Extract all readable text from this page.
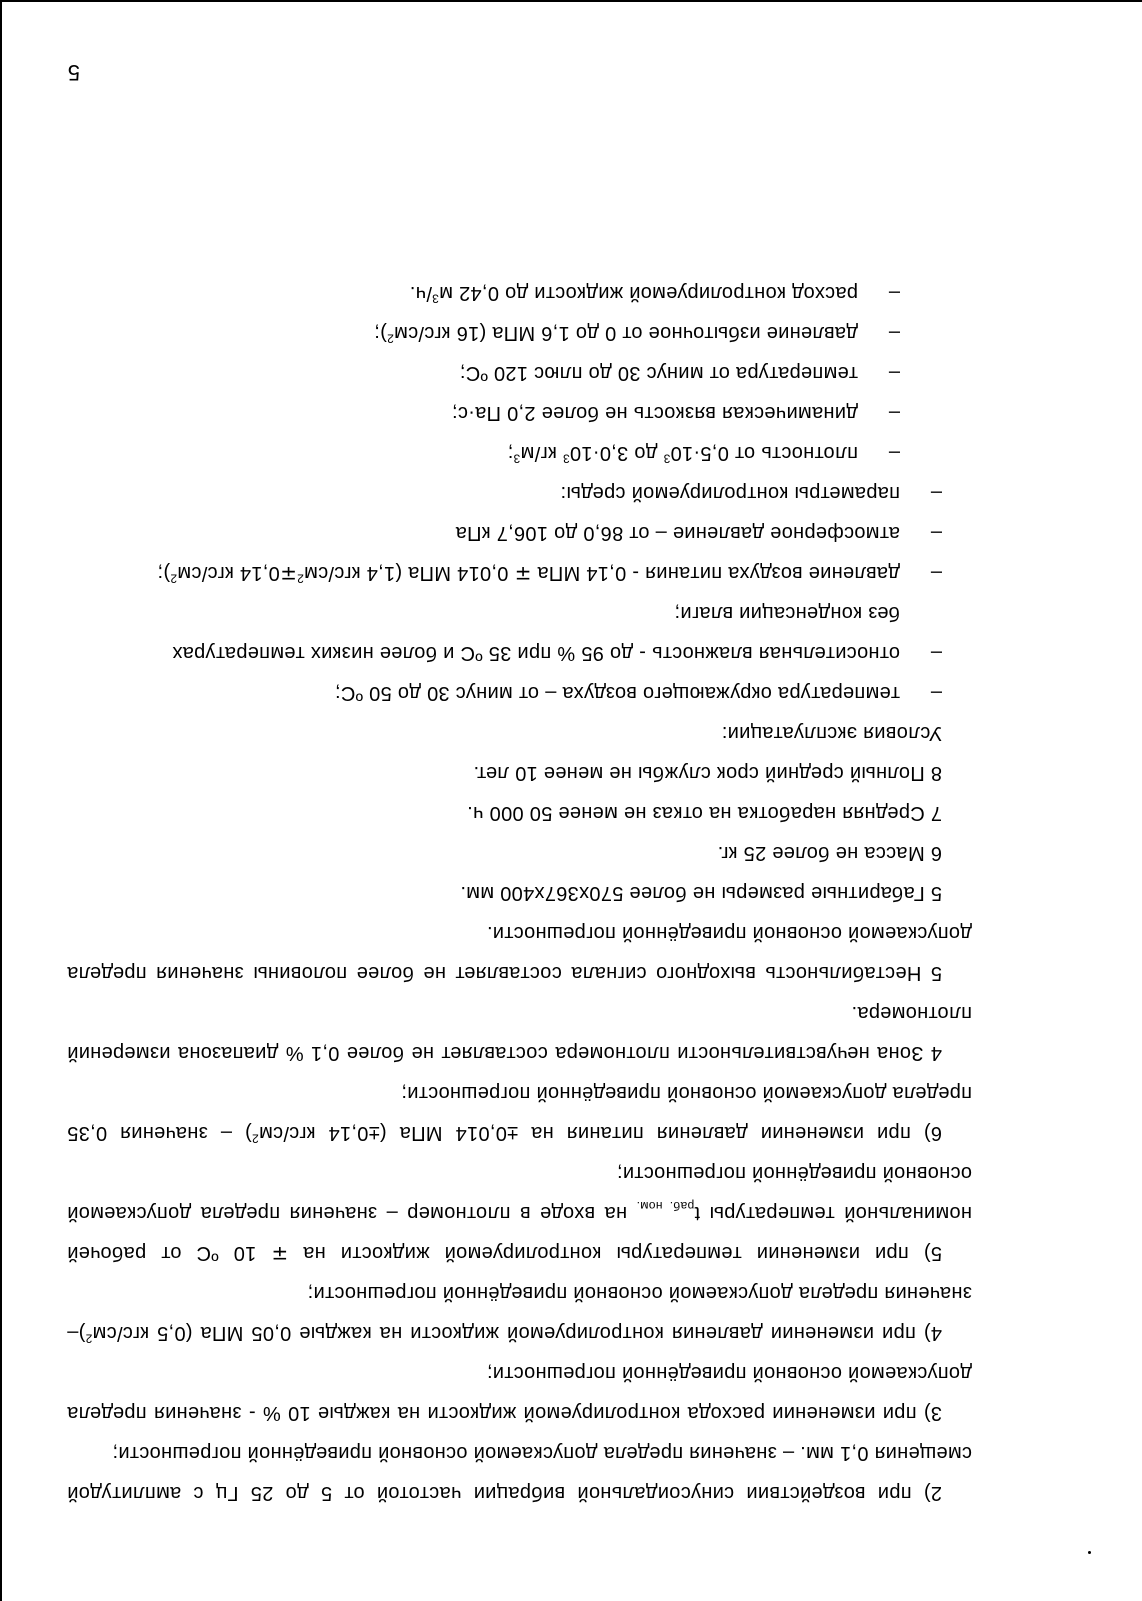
5

2) при воздействии синусоидальной вибрации частотой от 5 до 25 Гц с амплитудой смещения 0,1 мм. – значения предела допускаемой основной приведённой погрешности;

3) при изменении расхода контролируемой жидкости на каждые 10 % - значения предела допускаемой основной приведённой погрешности;

4) при изменении давления контролируемой жидкости на каждые 0,05 МПа (0,5 кгс/$см^2)-$ значения предела допускаемой основной приведённой погрешности;

5) при изменении температуры контролируемой жидкости на ∓ 10 ºС от рабочей номинальной температуры $t_{раб. ном.}$ на входе в плотномер – значения предела допускаемой основной приведённой погрешности;

6) при изменении давления питания на ±0,014 МПа (±0,14 кгс/$см^2$) – значения 0,35 предела допускаемой основной приведённой погрешности;

4 Зона нечувствительности плотномера составляет не более 0,1 % диапазона измерений плотномера.

5 Нестабильность выходного сигнала составляет не более половины значения предела допускаемой основной приведённой погрешности.

5 Габаритные размеры не более 570х367х400 мм.

6 Масса не более 25 кг.

7 Средняя наработка на отказ не менее 50 000 ч.

8 Полный средний срок службы не менее 10 лет.

Условия эксплуатации:

–температура окружающего воздуха – от минус 30 до 50 ºС;

–относительная влажность - до 95 % при 35 ºС и более низких температурах
без конденсации влаги;

–давление воздуха питания - 0,14 МПа ∓ 0,014 МПа (1,4 кгс/$см^2\mp 0,14$ кгс/$см^2$);

–атмосферное давление – от 86,0 до 106,7 кПа

–параметры контролируемой среды:

–плотность от $0,5\cdot 10^3$ до $3,0\cdot 10^3$ $кг/м^3$;

–динамическая вязкость не более 2,0 Па·с;

–температура от минус 30 до плюс 120 ºС;

–давление избыточное от 0 до 1,6 МПа (16 кгс/$см^2$);

–расход контролируемой жидкости до 0,42 $м^3/ч$.
